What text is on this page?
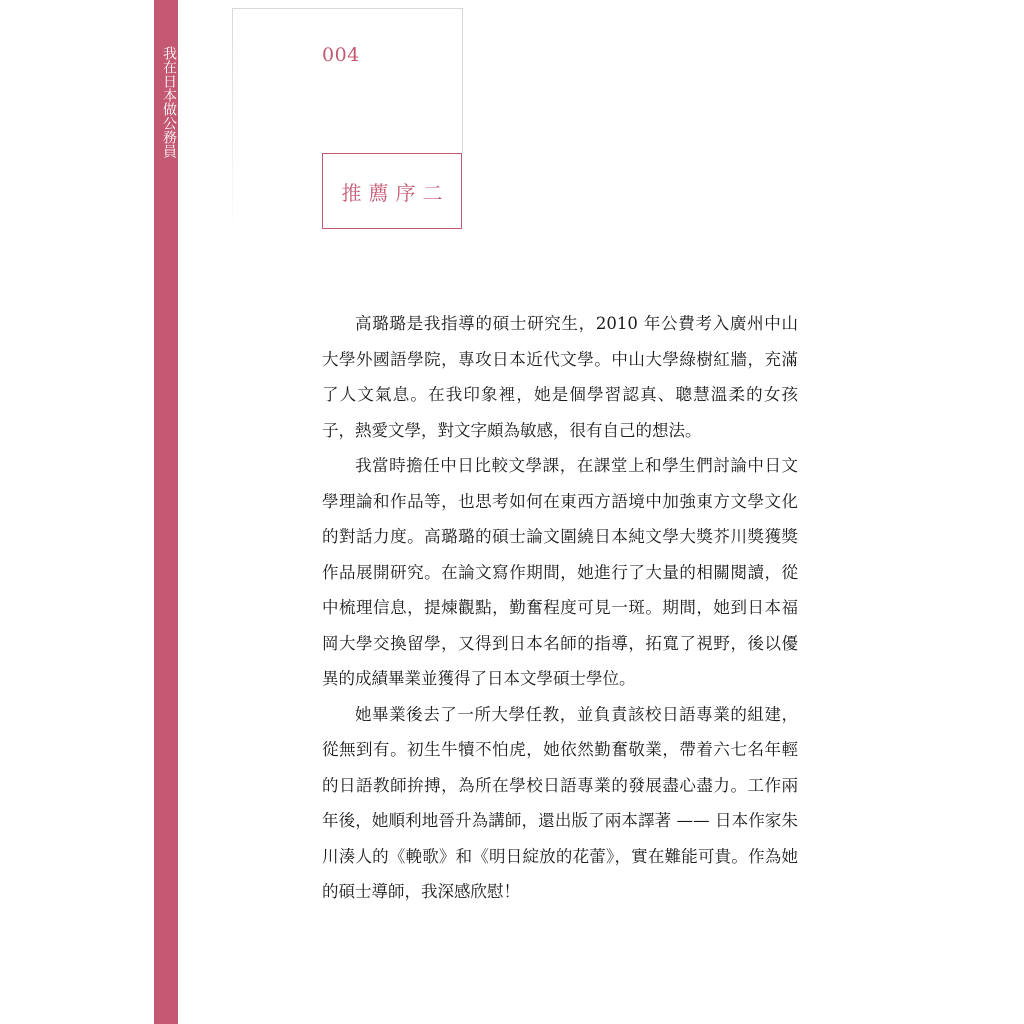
我在日本做公務員	004
推薦序二

高璐璐是我指導的碩士研究生，2010 年公費考入廣州中山大學外國語學院，專攻日本近代文學。中山大學綠樹紅牆，充滿了人文氣息。在我印象裡，她是個學習認真、聰慧溫柔的女孩子，熱愛文學，對文字頗為敏感，很有自己的想法。

我當時擔任中日比較文學課，在課堂上和學生們討論中日文學理論和作品等，也思考如何在東西方語境中加強東方文學文化的對話力度。高璐璐的碩士論文圍繞日本純文學大獎芥川獎獲獎作品展開研究。在論文寫作期間，她進行了大量的相關閱讀，從中梳理信息，提煉觀點，勤奮程度可見一斑。期間，她到日本福岡大學交換留學，又得到日本名師的指導，拓寬了視野，後以優異的成績畢業並獲得了日本文學碩士學位。

她畢業後去了一所大學任教，並負責該校日語專業的組建，從無到有。初生牛犢不怕虎，她依然勤奮敬業，帶着六七名年輕的日語教師拚搏，為所在學校日語專業的發展盡心盡力。工作兩年後，她順利地晉升為講師，還出版了兩本譯著 —— 日本作家朱川湊人的《輓歌》和《明日綻放的花蕾》，實在難能可貴。作為她的碩士導師，我深感欣慰！
